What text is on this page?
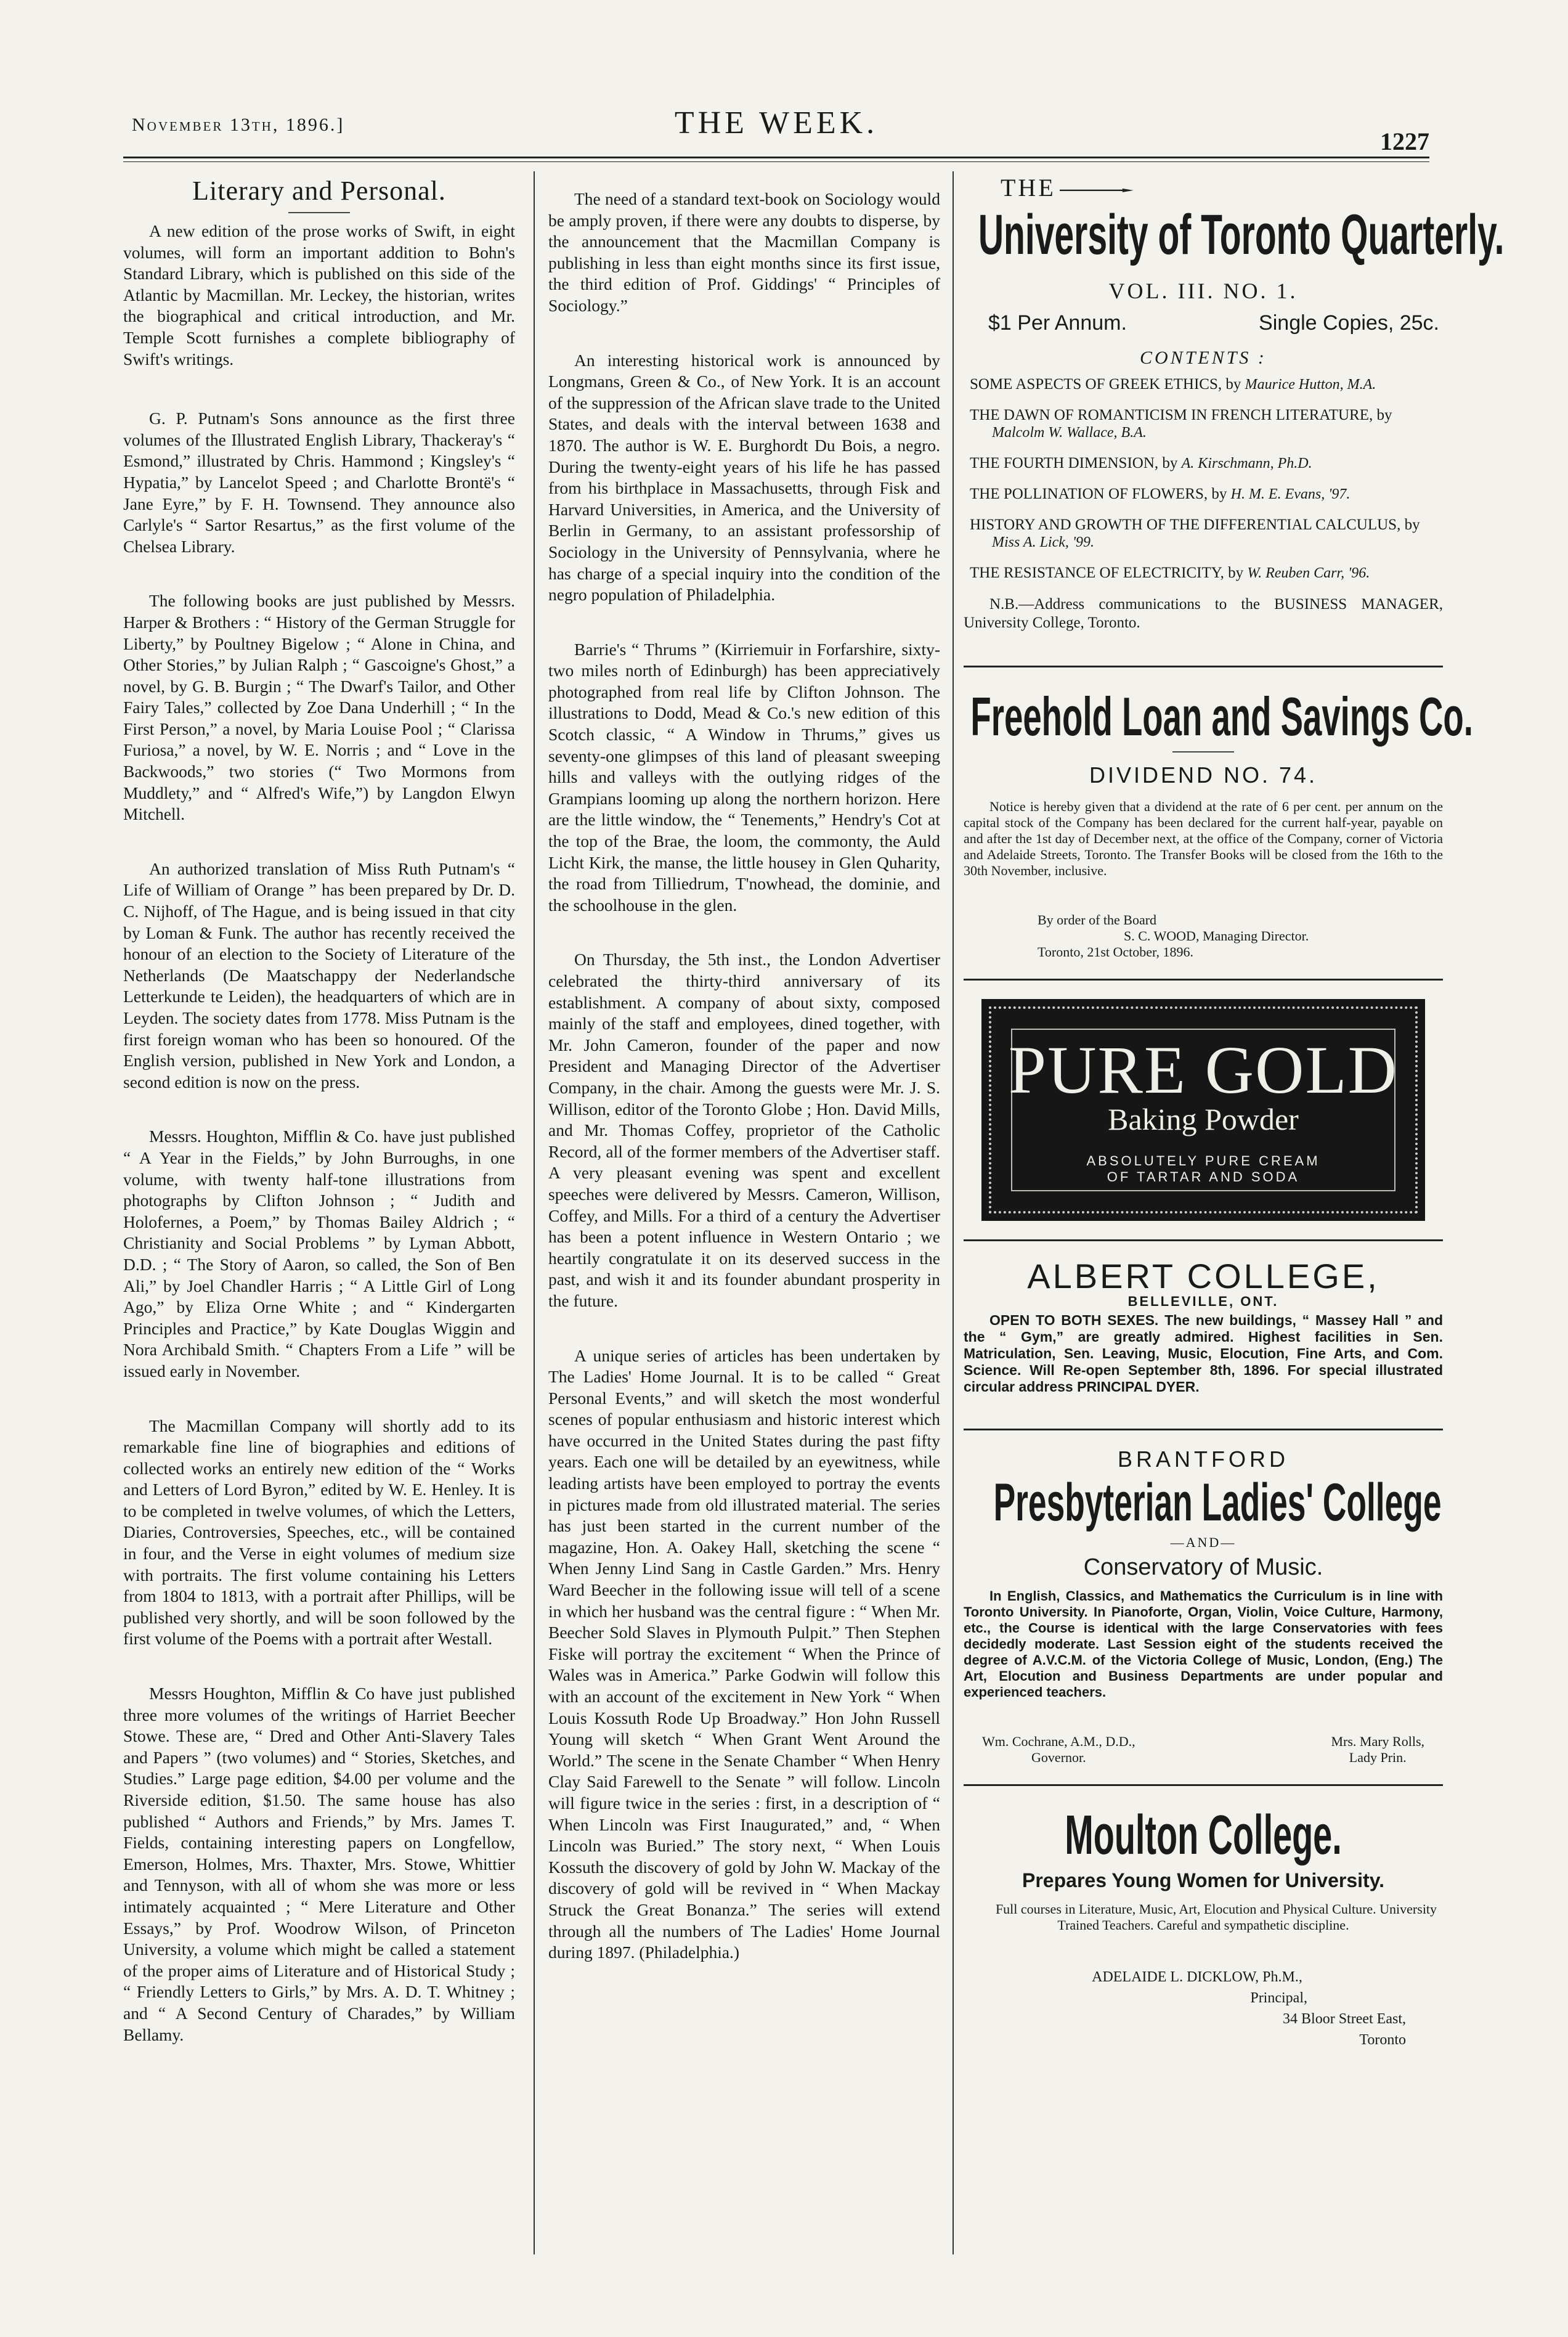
November 13th, 1896.]	THE WEEK.
1227
Literary and Personal.

A new edition of the prose works of Swift, in eight volumes, will form an important addition to Bohn's Standard Library, which is published on this side of the Atlantic by Macmillan. Mr. Leckey, the historian, writes the biographical and critical introduction, and Mr. Temple Scott furnishes a complete bibliography of Swift's writings.

G. P. Putnam's Sons announce as the first three volumes of the Illustrated English Library, Thackeray's “ Esmond,” illustrated by Chris. Hammond ; Kingsley's “ Hypatia,” by Lancelot Speed ; and Charlotte Brontë's “ Jane Eyre,” by F. H. Townsend. They announce also Carlyle's “ Sartor Resartus,” as the first volume of the Chelsea Library.

The following books are just published by Messrs. Harper & Brothers : “ History of the German Struggle for Liberty,” by Poultney Bigelow ; “ Alone in China, and Other Stories,” by Julian Ralph ; “ Gascoigne's Ghost,” a novel, by G. B. Burgin ; “ The Dwarf's Tailor, and Other Fairy Tales,” collected by Zoe Dana Underhill ; “ In the First Person,” a novel, by Maria Louise Pool ; “ Clarissa Furiosa,” a novel, by W. E. Norris ; and “ Love in the Backwoods,” two stories (“ Two Mormons from Muddlety,” and “ Alfred's Wife,”) by Langdon Elwyn Mitchell.

An authorized translation of Miss Ruth Putnam's “ Life of William of Orange ” has been prepared by Dr. D. C. Nijhoff, of The Hague, and is being issued in that city by Loman & Funk. The author has recently received the honour of an election to the Society of Literature of the Netherlands (De Maatschappy der Nederlandsche Letterkunde te Leiden), the headquarters of which are in Leyden. The society dates from 1778. Miss Putnam is the first foreign woman who has been so honoured. Of the English version, published in New York and London, a second edition is now on the press.

Messrs. Houghton, Mifflin & Co. have just published “ A Year in the Fields,” by John Burroughs, in one volume, with twenty half-tone illustrations from photographs by Clifton Johnson ; “ Judith and Holofernes, a Poem,” by Thomas Bailey Aldrich ; “ Christianity and Social Problems ” by Lyman Abbott, D.D. ; “ The Story of Aaron, so called, the Son of Ben Ali,” by Joel Chandler Harris ; “ A Little Girl of Long Ago,” by Eliza Orne White ; and “ Kindergarten Principles and Practice,” by Kate Douglas Wiggin and Nora Archibald Smith. “ Chapters From a Life ” will be issued early in November.

The Macmillan Company will shortly add to its remarkable fine line of biographies and editions of collected works an entirely new edition of the “ Works and Letters of Lord Byron,” edited by W. E. Henley. It is to be completed in twelve volumes, of which the Letters, Diaries, Controversies, Speeches, etc., will be contained in four, and the Verse in eight volumes of medium size with portraits. The first volume containing his Letters from 1804 to 1813, with a portrait after Phillips, will be published very shortly, and will be soon followed by the first volume of the Poems with a portrait after Westall.

Messrs Houghton, Mifflin & Co have just published three more volumes of the writings of Harriet Beecher Stowe. These are, “ Dred and Other Anti-Slavery Tales and Papers ” (two volumes) and “ Stories, Sketches, and Studies.” Large page edition, $4.00 per volume and the Riverside edition, $1.50. The same house has also published “ Authors and Friends,” by Mrs. James T. Fields, containing interesting papers on Longfellow, Emerson, Holmes, Mrs. Thaxter, Mrs. Stowe, Whittier and Tennyson, with all of whom she was more or less intimately acquainted ; “ Mere Literature and Other Essays,” by Prof. Woodrow Wilson, of Princeton University, a volume which might be called a statement of the proper aims of Literature and of Historical Study ; “ Friendly Letters to Girls,” by Mrs. A. D. T. Whitney ; and “ A Second Century of Charades,” by William Bellamy.

The need of a standard text-book on Sociology would be amply proven, if there were any doubts to disperse, by the announcement that the Macmillan Company is publishing in less than eight months since its first issue, the third edition of Prof. Giddings' “ Principles of Sociology.”

An interesting historical work is announced by Longmans, Green & Co., of New York. It is an account of the suppression of the African slave trade to the United States, and deals with the interval between 1638 and 1870. The author is W. E. Burghordt Du Bois, a negro. During the twenty-eight years of his life he has passed from his birthplace in Massachusetts, through Fisk and Harvard Universities, in America, and the University of Berlin in Germany, to an assistant professorship of Sociology in the University of Pennsylvania, where he has charge of a special inquiry into the condition of the negro population of Philadelphia.

Barrie's “ Thrums ” (Kirriemuir in Forfarshire, sixty-two miles north of Edinburgh) has been appreciatively photographed from real life by Clifton Johnson. The illustrations to Dodd, Mead & Co.'s new edition of this Scotch classic, “ A Window in Thrums,” gives us seventy-one glimpses of this land of pleasant sweeping hills and valleys with the outlying ridges of the Grampians looming up along the northern horizon. Here are the little window, the “ Tenements,” Hendry's Cot at the top of the Brae, the loom, the commonty, the Auld Licht Kirk, the manse, the little housey in Glen Quharity, the road from Tilliedrum, T'nowhead, the dominie, and the schoolhouse in the glen.

On Thursday, the 5th inst., the London Advertiser celebrated the thirty-third anniversary of its establishment. A company of about sixty, composed mainly of the staff and employees, dined together, with Mr. John Cameron, founder of the paper and now President and Managing Director of the Advertiser Company, in the chair. Among the guests were Mr. J. S. Willison, editor of the Toronto Globe ; Hon. David Mills, and Mr. Thomas Coffey, proprietor of the Catholic Record, all of the former members of the Advertiser staff. A very pleasant evening was spent and excellent speeches were delivered by Messrs. Cameron, Willison, Coffey, and Mills. For a third of a century the Advertiser has been a potent influence in Western Ontario ; we heartily congratulate it on its deserved success in the past, and wish it and its founder abundant prosperity in the future.

A unique series of articles has been undertaken by The Ladies' Home Journal. It is to be called “ Great Personal Events,” and will sketch the most wonderful scenes of popular enthusiasm and historic interest which have occurred in the United States during the past fifty years. Each one will be detailed by an eyewitness, while leading artists have been employed to portray the events in pictures made from old illustrated material. The series has just been started in the current number of the magazine, Hon. A. Oakey Hall, sketching the scene “ When Jenny Lind Sang in Castle Garden.” Mrs. Henry Ward Beecher in the following issue will tell of a scene in which her husband was the central figure : “ When Mr. Beecher Sold Slaves in Plymouth Pulpit.” Then Stephen Fiske will portray the excitement “ When the Prince of Wales was in America.” Parke Godwin will follow this with an account of the excitement in New York “ When Louis Kossuth Rode Up Broadway.” Hon John Russell Young will sketch “ When Grant Went Around the World.” The scene in the Senate Chamber “ When Henry Clay Said Farewell to the Senate ” will follow. Lincoln will figure twice in the series : first, in a description of “ When Lincoln was First Inaugurated,” and, “ When Lincoln was Buried.” The story next, “ When Louis Kossuth the discovery of gold by John W. Mackay of the discovery of gold will be revived in “ When Mackay Struck the Great Bonanza.” The series will extend through all the numbers of The Ladies' Home Journal during 1897. (Philadelphia.)

THE
University of Toronto Quarterly.
VOL. III. NO. 1.
$1 Per Annum.	Single Copies, 25c.
CONTENTS :
SOME ASPECTS OF GREEK ETHICS, by Maurice Hutton, M.A.
THE DAWN OF ROMANTICISM IN FRENCH LITERATURE, by Malcolm W. Wallace, B.A.
THE FOURTH DIMENSION, by A. Kirschmann, Ph.D.
THE POLLINATION OF FLOWERS, by H. M. E. Evans, '97.
HISTORY AND GROWTH OF THE DIFFERENTIAL CALCULUS, by Miss A. Lick, '99.
THE RESISTANCE OF ELECTRICITY, by W. Reuben Carr, '96.

N.B.—Address communications to the BUSINESS MANAGER, University College, Toronto.

Freehold Loan and Savings Co.
DIVIDEND NO. 74.

Notice is hereby given that a dividend at the rate of 6 per cent. per annum on the capital stock of the Company has been declared for the current half-year, payable on and after the 1st day of December next, at the office of the Company, corner of Victoria and Adelaide Streets, Toronto. The Transfer Books will be closed from the 16th to the 30th November, inclusive.

By order of the Board
S. C. WOOD, Managing Director.
Toronto, 21st October, 1896.
PURE GOLD
Baking Powder
ABSOLUTELY PURE CREAM
OF TARTAR AND SODA
ALBERT COLLEGE,
BELLEVILLE, ONT.

OPEN TO BOTH SEXES. The new buildings, “ Massey Hall ” and the “ Gym,” are greatly admired. Highest facilities in Sen. Matriculation, Sen. Leaving, Music, Elocution, Fine Arts, and Com. Science. Will Re-open September 8th, 1896. For special illustrated circular address PRINCIPAL DYER.

BRANTFORD
Presbyterian Ladies' College
—AND—
Conservatory of Music.

In English, Classics, and Mathematics the Curriculum is in line with Toronto University. In Pianoforte, Organ, Violin, Voice Culture, Harmony, etc., the Course is identical with the large Conservatories with fees decidedly moderate. Last Session eight of the students received the degree of A.V.C.M. of the Victoria College of Music, London, (Eng.) The Art, Elocution and Business Departments are under popular and experienced teachers.

Wm. Cochrane, A.M., D.D.,
Governor.
Mrs. Mary Rolls,
Lady Prin.
Moulton College.
Prepares Young Women for University.

Full courses in Literature, Music, Art, Elocution and Physical Culture. University Trained Teachers. Careful and sympathetic discipline.

ADELAIDE L. DICKLOW, Ph.M.,
Principal,
34 Bloor Street East,
Toronto
